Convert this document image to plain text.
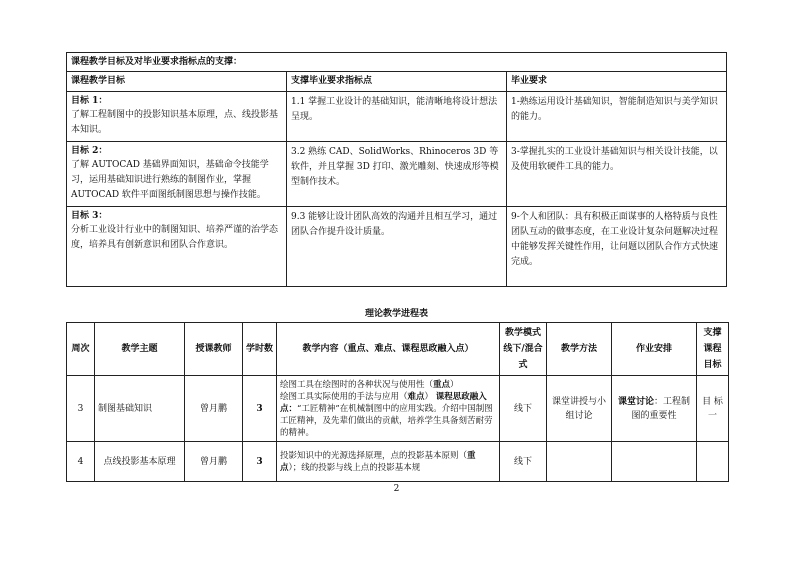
课程教学目标及对毕业要求指标点的支撑：		
课程教学目标	支撑毕业要求指标点	毕业要求

目标 1：
了解工程制图中的投影知识基本原理，点、线投影基本知识。	1.1 掌握工业设计的基础知识，能清晰地将设计想法呈现。	1-熟练运用设计基础知识，智能制造知识与美学知识的能力。

目标 2：
了解 AUTOCAD 基础界面知识，基础命令技能学习，运用基础知识进行熟练的制图作业，掌握 AUTOCAD 软件平面图纸制图思想与操作技能。	3.2 熟练 CAD、SolidWorks、Rhinoceros 3D 等软件，并且掌握 3D 打印、激光雕刻、快速成形等模型制作技术。	3-掌握扎实的工业设计基础知识与相关设计技能，以及使用软硬件工具的能力。

目标 3：
分析工业设计行业中的制图知识、培养严谨的治学态度，培养具有创新意识和团队合作意识。	9.3 能够让设计团队高效的沟通并且相互学习，通过团队合作提升设计质量。	9-个人和团队：具有积极正面谋事的人格特质与良性团队互动的做事态度，在工业设计复杂问题解决过程中能够发挥关键性作用，让问题以团队合作方式快速完成。
理论教学进程表
周次	教学主题	授课教师	学时数	教学内容（重点、难点、课程思政融入点）	教学模式 线下/混合式	教学方法	作业安排	支撑课程目标
3	制图基础知识	曾月鹏	3	绘图工具在绘图时的各种状况与使用性（重点）
绘图工具实际使用的手法与应用（难点） 课程思政融入点：“工匠精神”在机械制图中的应用实践。介绍中国制图工匠精神，及先辈们做出的贡献，培养学生具备刻苦耐劳的精神。	线下	课堂讲授与小组讨论	课堂讨论：工程制图的重要性	目 标 一
4	点线投影基本原理	曾月鹏	3	投影知识中的光源选择原理，点的投影基本原则（重点）；线的投影与线上点的投影基本规	线下			
2
